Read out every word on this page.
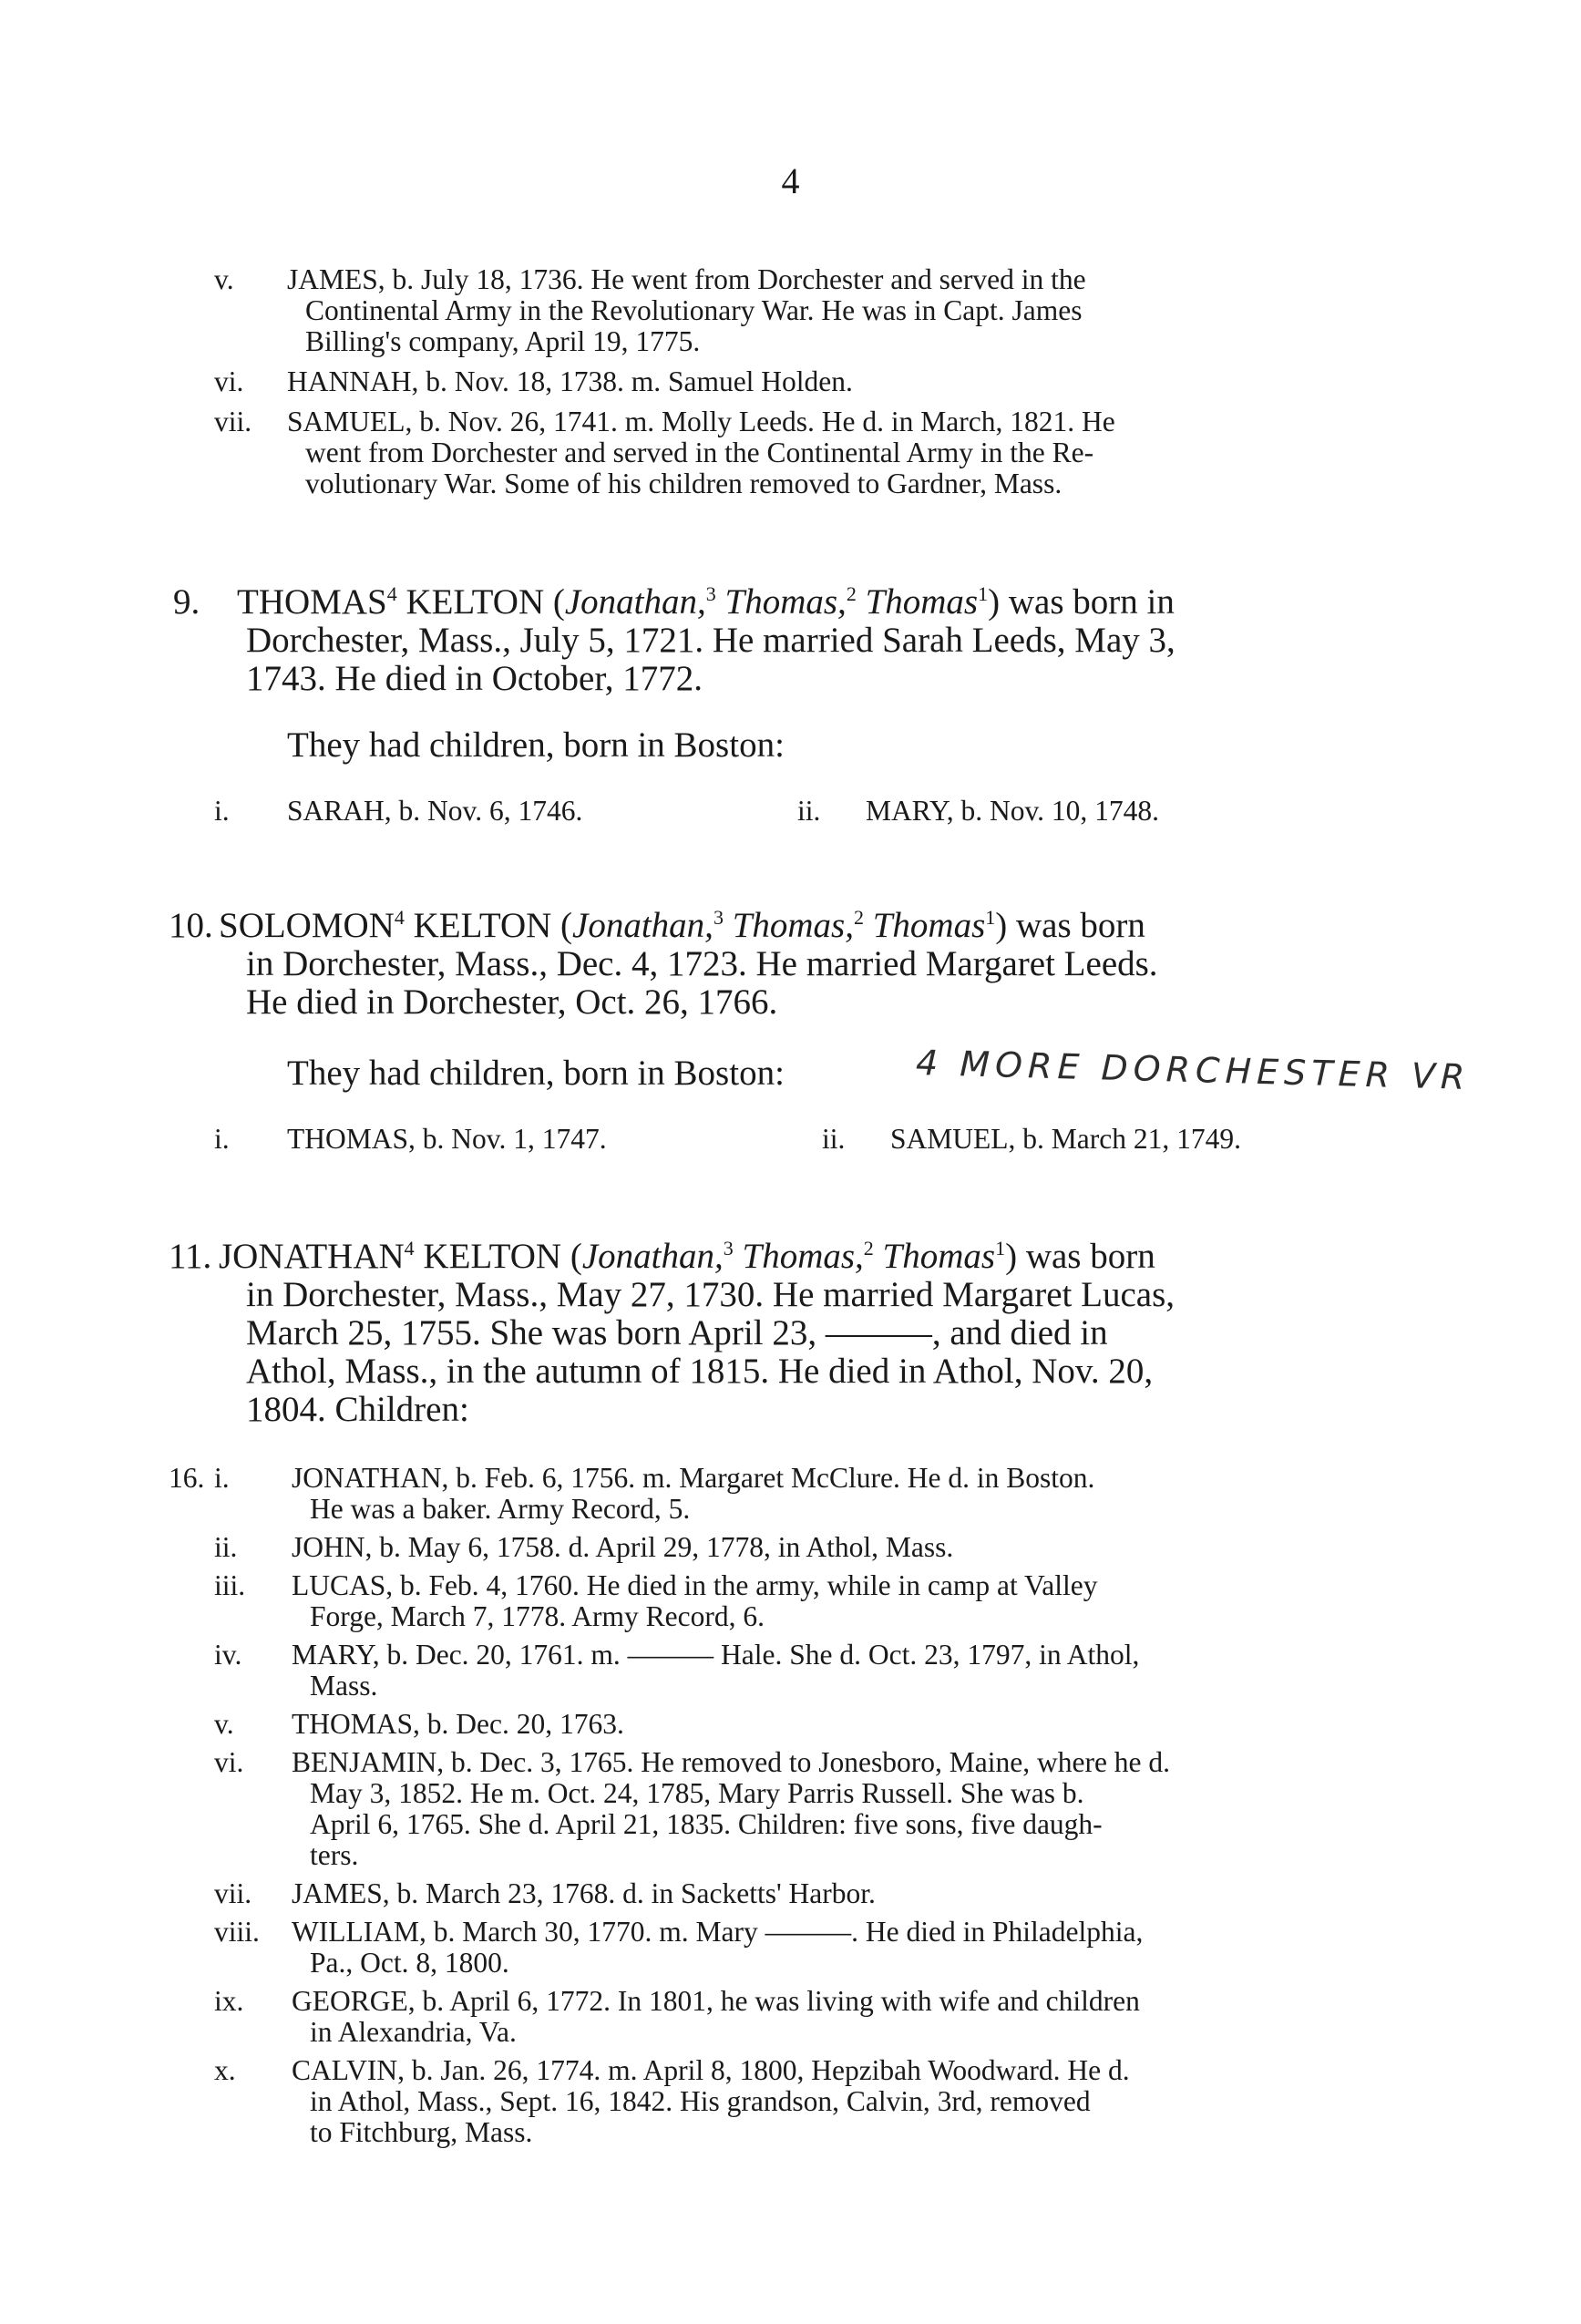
4
v. JAMES, b. July 18, 1736. He went from Dorchester and served in the
Continental Army in the Revolutionary War. He was in Capt. James
Billing's company, April 19, 1775.
vi. HANNAH, b. Nov. 18, 1738. m. Samuel Holden.
vii. SAMUEL, b. Nov. 26, 1741. m. Molly Leeds. He d. in March, 1821. He
went from Dorchester and served in the Continental Army in the Re-
volutionary War. Some of his children removed to Gardner, Mass.
9. THOMAS$^4$ KELTON (Jonathan,$^3$ Thomas,$^2$ Thomas$^1$) was born in
Dorchester, Mass., July 5, 1721. He married Sarah Leeds, May 3,
1743. He died in October, 1772.
They had children, born in Boston:
i. SARAH, b. Nov. 6, 1746.	ii. MARY, b. Nov. 10, 1748.
10. SOLOMON$^4$ KELTON (Jonathan,$^3$ Thomas,$^2$ Thomas$^1$) was born
in Dorchester, Mass., Dec. 4, 1723. He married Margaret Leeds.
He died in Dorchester, Oct. 26, 1766.
They had children, born in Boston:	4 MORE DORCHESTER VR
i. THOMAS, b. Nov. 1, 1747.	ii. SAMUEL, b. March 21, 1749.
11. JONATHAN$^4$ KELTON (Jonathan,$^3$ Thomas,$^2$ Thomas$^1$) was born
in Dorchester, Mass., May 27, 1730. He married Margaret Lucas,
March 25, 1755. She was born April 23, ———, and died in
Athol, Mass., in the autumn of 1815. He died in Athol, Nov. 20,
1804. Children:
16. i. JONATHAN, b. Feb. 6, 1756. m. Margaret McClure. He d. in Boston.
He was a baker. Army Record, 5.
ii. JOHN, b. May 6, 1758. d. April 29, 1778, in Athol, Mass.
iii. LUCAS, b. Feb. 4, 1760. He died in the army, while in camp at Valley
Forge, March 7, 1778. Army Record, 6.
iv. MARY, b. Dec. 20, 1761. m. ——— Hale. She d. Oct. 23, 1797, in Athol,
Mass.
v. THOMAS, b. Dec. 20, 1763.
vi. BENJAMIN, b. Dec. 3, 1765. He removed to Jonesboro, Maine, where he d.
May 3, 1852. He m. Oct. 24, 1785, Mary Parris Russell. She was b.
April 6, 1765. She d. April 21, 1835. Children: five sons, five daugh-
ters.
vii. JAMES, b. March 23, 1768. d. in Sacketts' Harbor.
viii. WILLIAM, b. March 30, 1770. m. Mary ———. He died in Philadelphia,
Pa., Oct. 8, 1800.
ix. GEORGE, b. April 6, 1772. In 1801, he was living with wife and children
in Alexandria, Va.
x. CALVIN, b. Jan. 26, 1774. m. April 8, 1800, Hepzibah Woodward. He d.
in Athol, Mass., Sept. 16, 1842. His grandson, Calvin, 3rd, removed
to Fitchburg, Mass.
